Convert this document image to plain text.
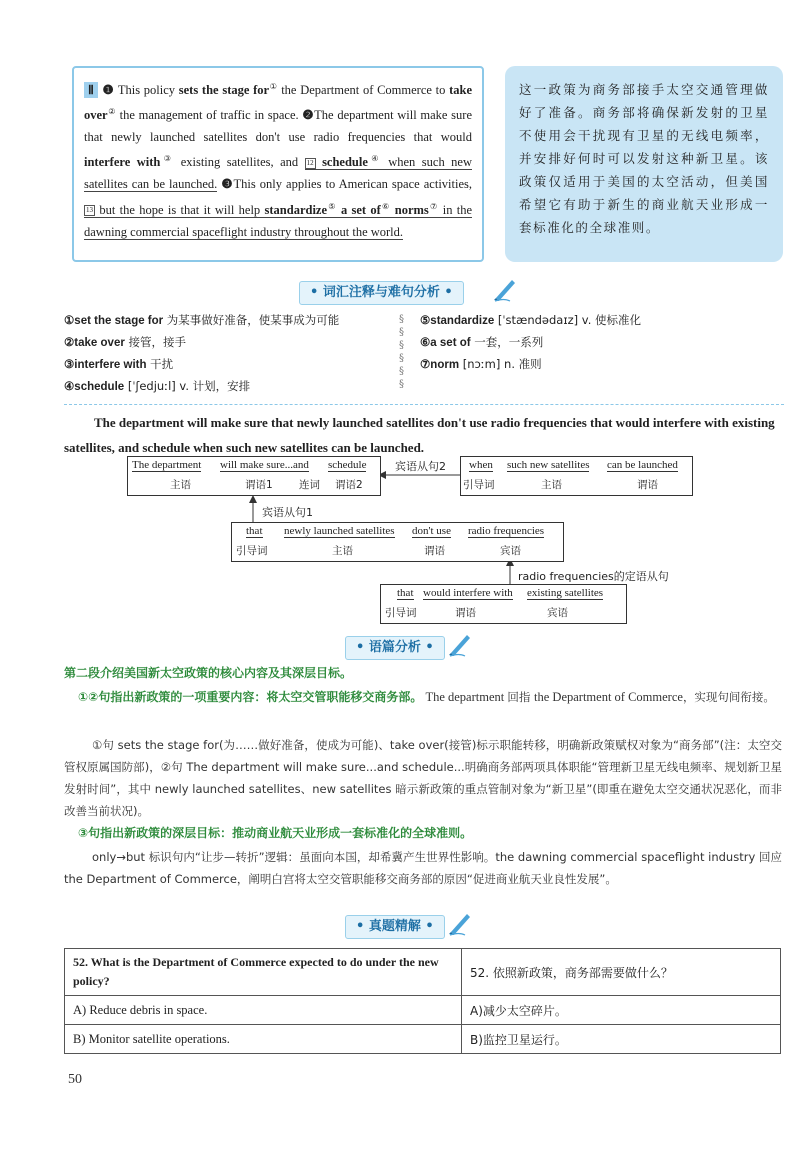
Ⅱ ❶ This policy sets the stage for① the Department of Commerce to take over② the management of traffic in space. ❷The department will make sure that newly launched satellites don't use radio frequencies that would interfere with③ existing satellites, and 12 schedule④ when such new satellites can be launched. ❸This only applies to American space activities, 13 but the hope is that it will help standardize⑤ a set of⑥ norms⑦ in the dawning commercial spaceflight industry throughout the world.

这一政策为商务部接手太空交通管理做好了准备。商务部将确保新发射的卫星不使用会干扰现有卫星的无线电频率，并安排好何时可以发射这种新卫星。该政策仅适用于美国的太空活动，但美国希望它有助于新生的商业航天业形成一套标准化的全球准则。

• 词汇注释与难句分析 •
①set the stage for 为某事做好准备，使某事成为可能
②take over 接管，接手
③interfere with 干扰
④schedule [ˈʃedjuːl] v. 计划，安排
§
§
§
§
§
§
⑤standardize [ˈstændədaɪz] v. 使标准化
⑥a set of 一套，一系列
⑦norm [nɔːm] n. 准则
The department will make sure that newly launched satellites don't use radio frequencies that would interfere with existing satellites, and schedule when such new satellites can be launched.
The department will make sure...and schedule
主语	谓语1	连词 谓语2
宾语从句2 when such new satellites can be launched
引导词	主语	谓语
宾语从句1
that newly launched satellites don't use radio frequencies
引导词	主语	谓语	宾语
radio frequencies的定语从句
that would interfere with existing satellites
引导词	谓语	宾语
• 语篇分析 •
第二段介绍美国新太空政策的核心内容及其深层目标。
①②句指出新政策的一项重要内容：将太空交管职能移交商务部。 The department 回指 the Department of Commerce，实现句间衔接。
①句 sets the stage for(为……做好准备，使成为可能)、take over(接管)标示职能转移，明确新政策赋权对象为“商务部”(注：太空交管权原属国防部)，②句 The department will make sure...and schedule...明确商务部两项具体职能“管理新卫星无线电频率、规划新卫星发射时间”，其中 newly launched satellites、new satellites 暗示新政策的重点管制对象为“新卫星”(即重在避免太空交通状况恶化，而非改善当前状况)。
③句指出新政策的深层目标：推动商业航天业形成一套标准化的全球准则。
only→but 标识句内“让步—转折”逻辑：虽面向本国，却希冀产生世界性影响。the dawning commercial spaceflight industry 回应 the Department of Commerce，阐明白宫将太空交管职能移交商务部的原因“促进商业航天业良性发展”。
• 真题精解 •
52. What is the Department of Commerce expected to do under the new policy?	52. 依照新政策，商务部需要做什么？
A) Reduce debris in space.	A)减少太空碎片。
B) Monitor satellite operations.	B)监控卫星运行。
50
